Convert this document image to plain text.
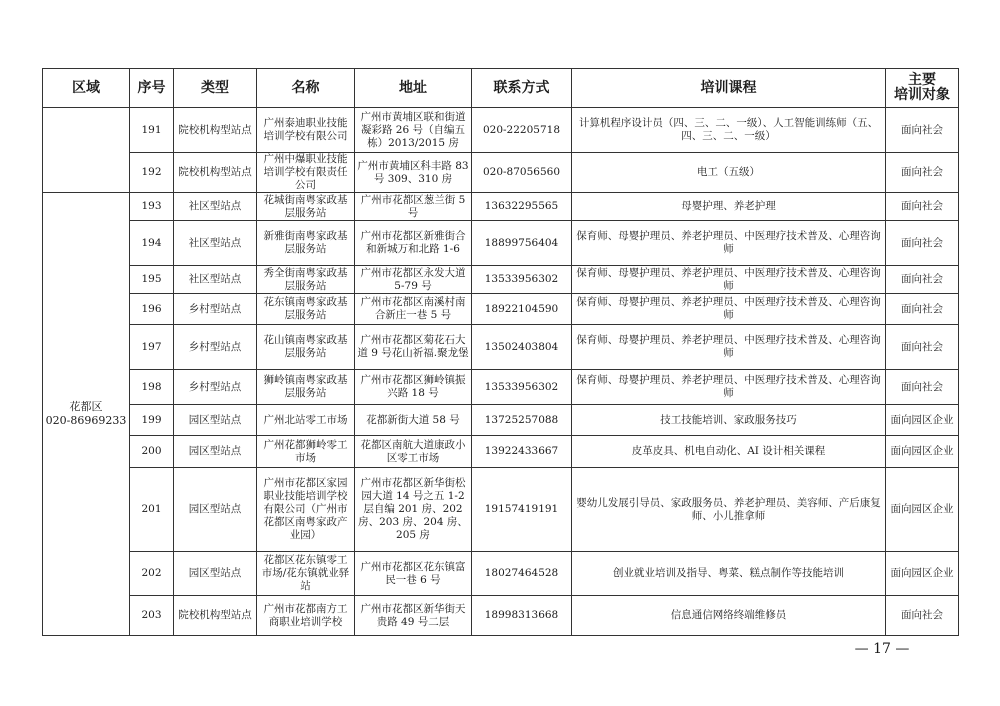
区域	序号	类型	名称	地址	联系方式	培训课程	主要
培训对象
	191	院校机构型站点	广州泰迪职业技能培训学校有限公司	广州市黄埔区联和街道凝彩路 26 号（自编五栋）2013/2015 房	020-22205718	计算机程序设计员（四、三、二、一级）、人工智能训练师（五、四、三、二、一级）	面向社会
	192	院校机构型站点	广州中爆职业技能培训学校有限责任公司	广州市黄埔区科丰路 83 号 309、310 房	020-87056560	电工（五级）	面向社会

花都区
020-86969233	193	社区型站点	花城街南粤家政基层服务站	广州市花都区葱兰街 5 号	13632295565	母婴护理、养老护理	面向社会
	194	社区型站点	新雅街南粤家政基层服务站	广州市花都区新雅街合和新城万和北路 1-6	18899756404	保育师、母婴护理员、养老护理员、中医理疗技术普及、心理咨询师	面向社会
	195	社区型站点	秀全街南粤家政基层服务站	广州市花都区永发大道 5-79 号	13533956302	保育师、母婴护理员、养老护理员、中医理疗技术普及、心理咨询师	面向社会
	196	乡村型站点	花东镇南粤家政基层服务站	广州市花都区南溪村南合新庄一巷 5 号	18922104590	保育师、母婴护理员、养老护理员、中医理疗技术普及、心理咨询师	面向社会
	197	乡村型站点	花山镇南粤家政基层服务站	广州市花都区菊花石大道 9 号花山祈福.聚龙堡	13502403804	保育师、母婴护理员、养老护理员、中医理疗技术普及、心理咨询师	面向社会
	198	乡村型站点	狮岭镇南粤家政基层服务站	广州市花都区狮岭镇振兴路 18 号	13533956302	保育师、母婴护理员、养老护理员、中医理疗技术普及、心理咨询师	面向社会
	199	园区型站点	广州北站零工市场	花都新街大道 58 号	13725257088	技工技能培训、家政服务技巧	面向园区企业
	200	园区型站点	广州花都狮岭零工市场	花都区南航大道康政小区零工市场	13922433667	皮革皮具、机电自动化、AI 设计相关课程	面向园区企业
	201	园区型站点	广州市花都区家园职业技能培训学校有限公司（广州市花都区南粤家政产业园）	广州市花都区新华街松园大道 14 号之五 1-2 层自编 201 房、202 房、203 房、204 房、205 房	19157419191	婴幼儿发展引导员、家政服务员、养老护理员、美容师、产后康复师、小儿推拿师	面向园区企业
	202	园区型站点	花都区花东镇零工市场/花东镇就业驿站	广州市花都区花东镇富民一巷 6 号	18027464528	创业就业培训及指导、粤菜、糕点制作等技能培训	面向园区企业
	203	院校机构型站点	广州市花都南方工商职业培训学校	广州市花都区新华街天贵路 49 号二层	18998313668	信息通信网络终端维修员	面向社会
— 17 —
